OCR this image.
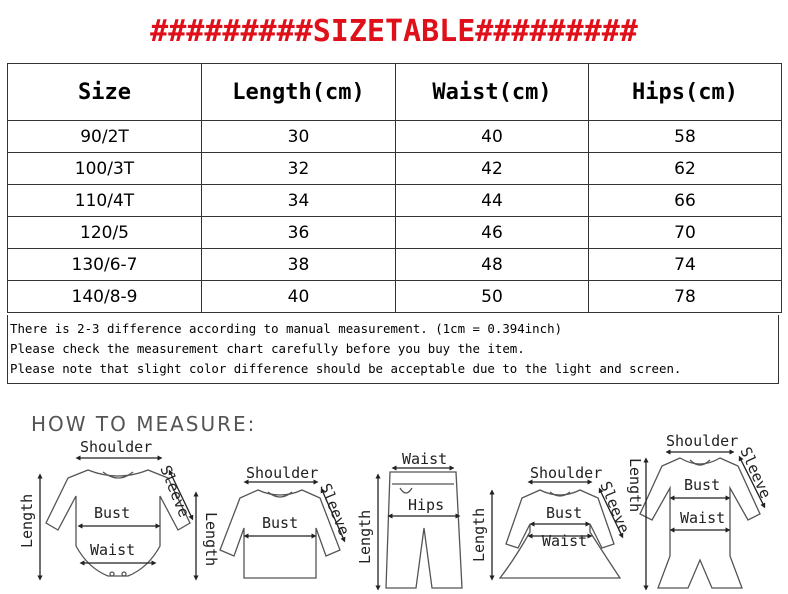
#########SIZETABLE#########
Size	Length(cm)	Waist(cm)	Hips(cm)
90/2T	30	40	58
100/3T	32	42	62
110/4T	34	44	66
120/5	36	46	70
130/6-7	38	48	74
140/8-9	40	50	78
There is 2-3 difference according to manual measurement. (1cm = 0.394inch)
Please check the measurement chart carefully before you buy the item.
Please note that slight color difference should be acceptable due to the light and screen.
HOW TO MEASURE:
Shoulder
Sleeve
Length	Bust
Waist
Shoulder
Sleeve
Length	Bust
Waist
Hips
Length
Shoulder
Sleeve
Length	Bust
Waist
Shoulder
Sleeve
Length	Bust
Waist
